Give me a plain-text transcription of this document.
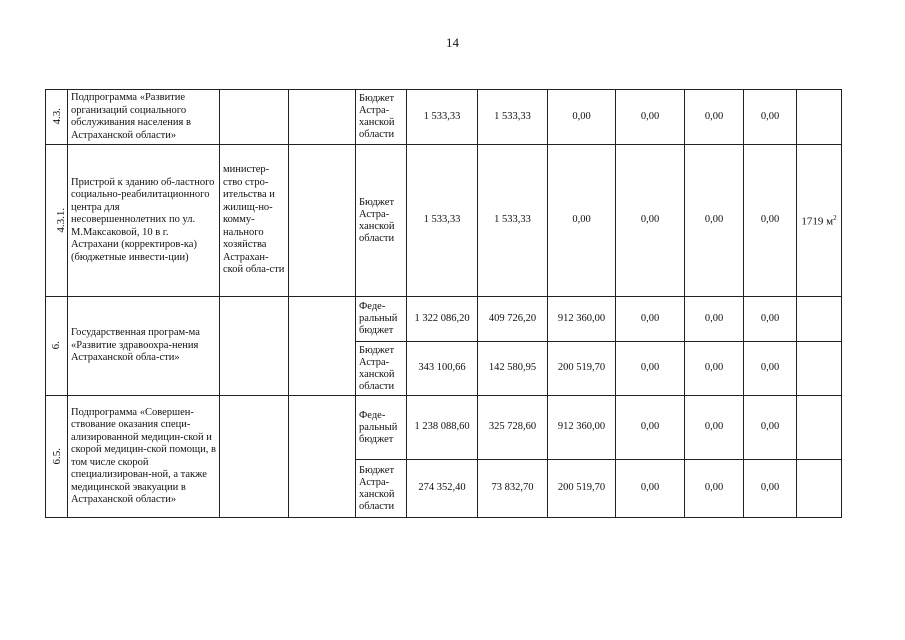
14
4.3.	Подпрограмма «Развитие организаций социального обслуживания населения в Астраханской области»			Бюджет Астра-ханской области	1 533,33	1 533,33	0,00	0,00	0,00	0,00	
4.3.1.	Пристрой к зданию об-ластного социально-реабилитационного центра для несовершеннолетних по ул. М.Максаковой, 10 в г. Астрахани (корректиров-ка) (бюджетные инвести-ции)	министер-ство стро-ительства и жилищ-но-комму-нального хозяйства Астрахан-ской обла-сти		Бюджет Астра-ханской области	1 533,33	1 533,33	0,00	0,00	0,00	0,00	1719 $м^2$
6.	Государственная програм-ма «Развитие здравоохра-нения Астраханской обла-сти»			Феде-ральный бюджет	1 322 086,20	409 726,20	912 360,00	0,00	0,00	0,00	
				Бюджет Астра-ханской области	343 100,66	142 580,95	200 519,70	0,00	0,00	0,00	
6.5.	Подпрограмма «Совершен-ствование оказания специ-ализированной медицин-ской и скорой медицин-ской помощи, в том числе скорой специализирован-ной, а также медицинской эвакуации в Астраханской области»			Феде-ральный бюджет	1 238 088,60	325 728,60	912 360,00	0,00	0,00	0,00	
				Бюджет Астра-ханской области	274 352,40	73 832,70	200 519,70	0,00	0,00	0,00	
